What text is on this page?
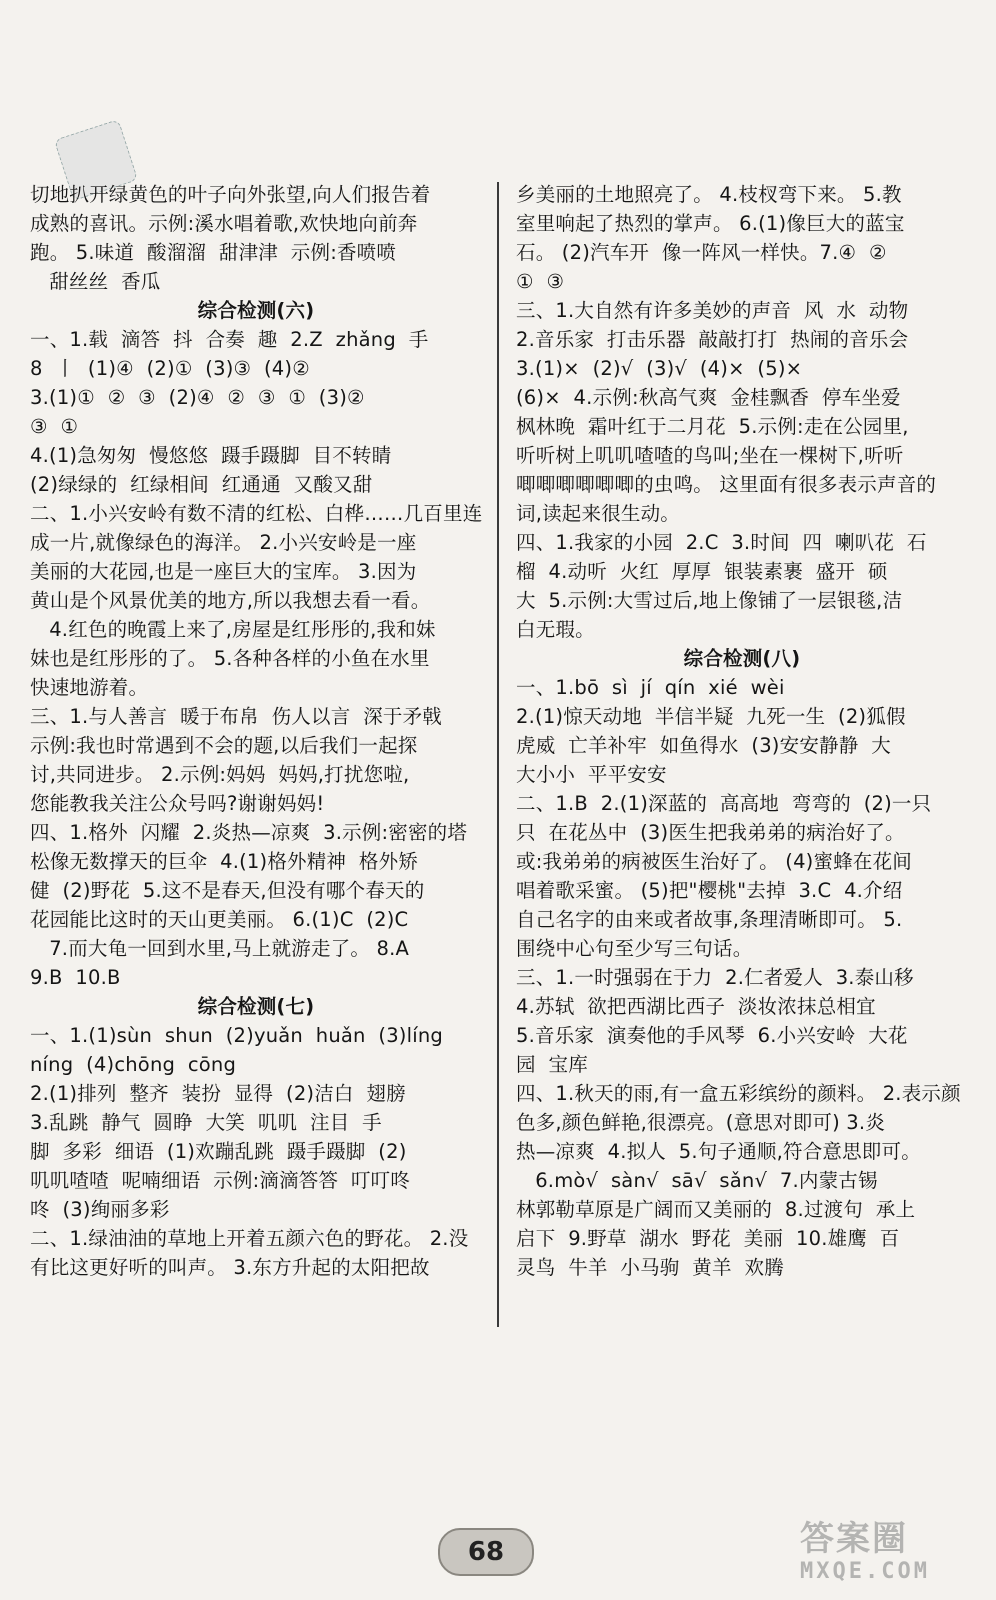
切地扒开绿黄色的叶子向外张望,向人们报告着
成熟的喜讯。示例:溪水唱着歌,欢快地向前奔
跑。 5.味道  酸溜溜  甜津津  示例:香喷喷
甜丝丝  香瓜
综合检测(六)
一、1.载  滴答  抖  合奏  趣  2.Z  zhǎng  手
8  丨  (1)④  (2)①  (3)③  (4)②
3.(1)①  ②  ③  (2)④  ②  ③  ①  (3)②
③  ①
4.(1)急匆匆  慢悠悠  蹑手蹑脚  目不转睛
(2)绿绿的  红绿相间  红通通  又酸又甜
二、1.小兴安岭有数不清的红松、白桦……几百里连
成一片,就像绿色的海洋。 2.小兴安岭是一座
美丽的大花园,也是一座巨大的宝库。 3.因为
黄山是个风景优美的地方,所以我想去看一看。
4.红色的晚霞上来了,房屋是红彤彤的,我和妹
妹也是红彤彤的了。 5.各种各样的小鱼在水里
快速地游着。
三、1.与人善言  暖于布帛  伤人以言  深于矛戟
示例:我也时常遇到不会的题,以后我们一起探
讨,共同进步。 2.示例:妈妈  妈妈,打扰您啦,
您能教我关注公众号吗?谢谢妈妈!
四、1.格外  闪耀  2.炎热—凉爽  3.示例:密密的塔
松像无数撑天的巨伞  4.(1)格外精神  格外矫
健  (2)野花  5.这不是春天,但没有哪个春天的
花园能比这时的天山更美丽。 6.(1)C  (2)C
7.而大龟一回到水里,马上就游走了。 8.A
9.B  10.B
综合检测(七)
一、1.(1)sùn  shun  (2)yuǎn  huǎn  (3)líng
níng  (4)chōng  cōng
2.(1)排列  整齐  装扮  显得  (2)洁白  翅膀
3.乱跳  静气  圆睁  大笑  叽叽  注目  手
脚  多彩  细语  (1)欢蹦乱跳  蹑手蹑脚  (2)
叽叽喳喳  呢喃细语  示例:滴滴答答  叮叮咚
咚  (3)绚丽多彩
二、1.绿油油的草地上开着五颜六色的野花。 2.没
有比这更好听的叫声。 3.东方升起的太阳把故
乡美丽的土地照亮了。 4.枝杈弯下来。 5.教
室里响起了热烈的掌声。 6.(1)像巨大的蓝宝
石。 (2)汽车开  像一阵风一样快。7.④  ②
①  ③
三、1.大自然有许多美妙的声音  风  水  动物
2.音乐家  打击乐器  敲敲打打  热闹的音乐会
3.(1)×  (2)√  (3)√  (4)×  (5)×
(6)×  4.示例:秋高气爽  金桂飘香  停车坐爱
枫林晚  霜叶红于二月花  5.示例:走在公园里,
听听树上叽叽喳喳的鸟叫;坐在一棵树下,听听
唧唧唧唧唧唧的虫鸣。 这里面有很多表示声音的
词,读起来很生动。
四、1.我家的小园  2.C  3.时间  四  喇叭花  石
榴  4.动听  火红  厚厚  银装素裹  盛开  硕
大  5.示例:大雪过后,地上像铺了一层银毯,洁
白无瑕。
综合检测(八)
一、1.bō  sì  jí  qín  xié  wèi
2.(1)惊天动地  半信半疑  九死一生  (2)狐假
虎威  亡羊补牢  如鱼得水  (3)安安静静  大
大小小  平平安安
二、1.B  2.(1)深蓝的  高高地  弯弯的  (2)一只
只  在花丛中  (3)医生把我弟弟的病治好了。
或:我弟弟的病被医生治好了。 (4)蜜蜂在花间
唱着歌采蜜。 (5)把"樱桃"去掉  3.C  4.介绍
自己名字的由来或者故事,条理清晰即可。 5.
围绕中心句至少写三句话。
三、1.一时强弱在于力  2.仁者爱人  3.泰山移
4.苏轼  欲把西湖比西子  淡妆浓抹总相宜
5.音乐家  演奏他的手风琴  6.小兴安岭  大花
园  宝库
四、1.秋天的雨,有一盒五彩缤纷的颜料。 2.表示颜
色多,颜色鲜艳,很漂亮。(意思对即可) 3.炎
热—凉爽  4.拟人  5.句子通顺,符合意思即可。
6.mò√  sàn√  sā√  sǎn√  7.内蒙古锡
林郭勒草原是广阔而又美丽的  8.过渡句  承上
启下  9.野草  湖水  野花  美丽  10.雄鹰  百
灵鸟  牛羊  小马驹  黄羊  欢腾
68	答案圈
MXQE.COM
